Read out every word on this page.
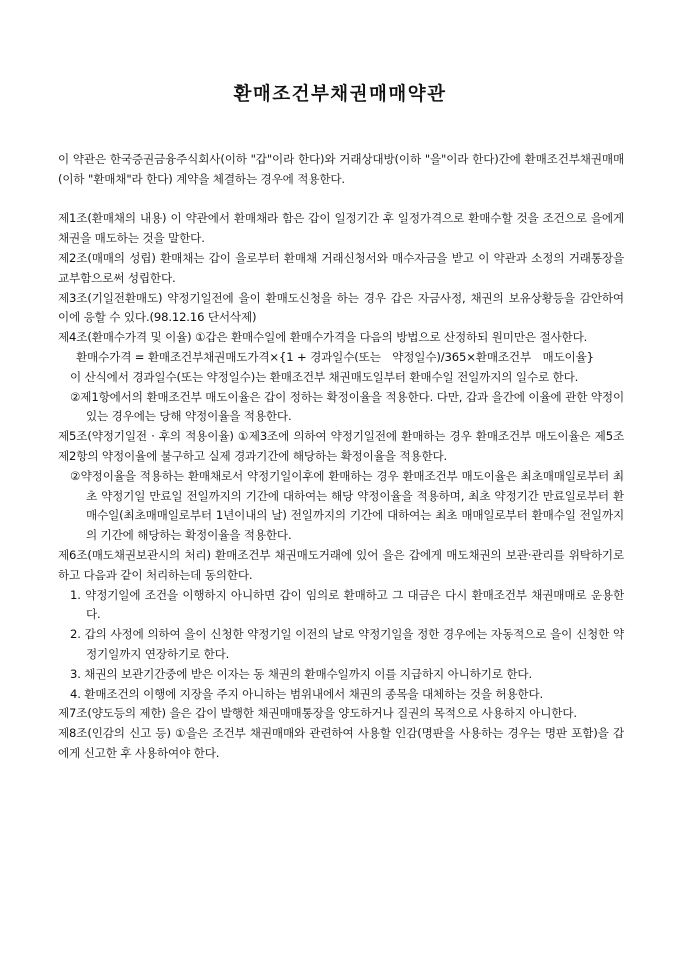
환매조건부채권매매약관

이 약관은 한국증권금융주식회사(이하 "갑"이라 한다)와 거래상대방(이하 "을"이라 한다)간에 환매조건부채권매매(이하 "환매채"라 한다) 계약을 체결하는 경우에 적용한다.

제1조(환매채의 내용) 이 약관에서 환매채라 함은 갑이 일정기간 후 일정가격으로 환매수할 것을 조건으로 을에게 채권을 매도하는 것을 말한다.

제2조(매매의 성립) 환매채는 갑이 을로부터 환매채 거래신청서와 매수자금을 받고 이 약관과 소정의 거래통장을 교부함으로써 성립한다.

제3조(기일전환매도) 약정기일전에 을이 환매도신청을 하는 경우 갑은 자금사정, 채권의 보유상황등을 감안하여 이에 응할 수 있다.(98.12.16 단서삭제)

제4조(환매수가격 및 이율) ①갑은 환매수일에 환매수가격을 다음의 방법으로 산정하되 원미만은 절사한다.

환매수가격 = 환매조건부채권매도가격×{1 + 경과일수(또는　약정일수)/365×환매조건부　매도이율}

이 산식에서 경과일수(또는 약정일수)는 환매조건부 채권매도일부터 환매수일 전일까지의 일수로 한다.

②제1항에서의 환매조건부 매도이율은 갑이 정하는 확정이율을 적용한다. 다만, 갑과 을간에 이율에 관한 약정이 있는 경우에는 당해 약정이율을 적용한다.

제5조(약정기일전 · 후의 적용이율) ①제3조에 의하여 약정기일전에 환매하는 경우 환매조건부 매도이율은 제5조 제2항의 약정이율에 불구하고 실제 경과기간에 해당하는 확정이율을 적용한다.

②약정이율을 적용하는 환매채로서 약정기일이후에 환매하는 경우 환매조건부 매도이율은 최초매매일로부터 최초 약정기일 만료일 전일까지의 기간에 대하여는 해당 약정이율을 적용하며, 최초 약정기간 만료일로부터 환매수일(최초매매일로부터 1년이내의 날) 전일까지의 기간에 대하여는 최초 매매일로부터 환매수일 전일까지의 기간에 해당하는 확정이율을 적용한다.

제6조(매도채권보관시의 처리) 환매조건부 채권매도거래에 있어 을은 갑에게 매도채권의 보관·관리를 위탁하기로 하고 다음과 같이 처리하는데 동의한다.

1. 약정기일에 조건을 이행하지 아니하면 갑이 임의로 환매하고 그 대금은 다시 환매조건부 채권매매로 운용한다.
2. 갑의 사정에 의하여 을이 신청한 약정기일 이전의 날로 약정기일을 정한 경우에는 자동적으로 을이 신청한 약정기일까지 연장하기로 한다.
3. 채권의 보관기간중에 받은 이자는 동 채권의 환매수일까지 이를 지급하지 아니하기로 한다.
4. 환매조건의 이행에 지장을 주지 아니하는 범위내에서 채권의 종목을 대체하는 것을 허용한다.

제7조(양도등의 제한) 을은 갑이 발행한 채권매매통장을 양도하거나 질권의 목적으로 사용하지 아니한다.

제8조(인감의 신고 등) ①을은 조건부 채권매매와 관련하여 사용할 인감(명판을 사용하는 경우는 명판 포함)을 갑에게 신고한 후 사용하여야 한다.
